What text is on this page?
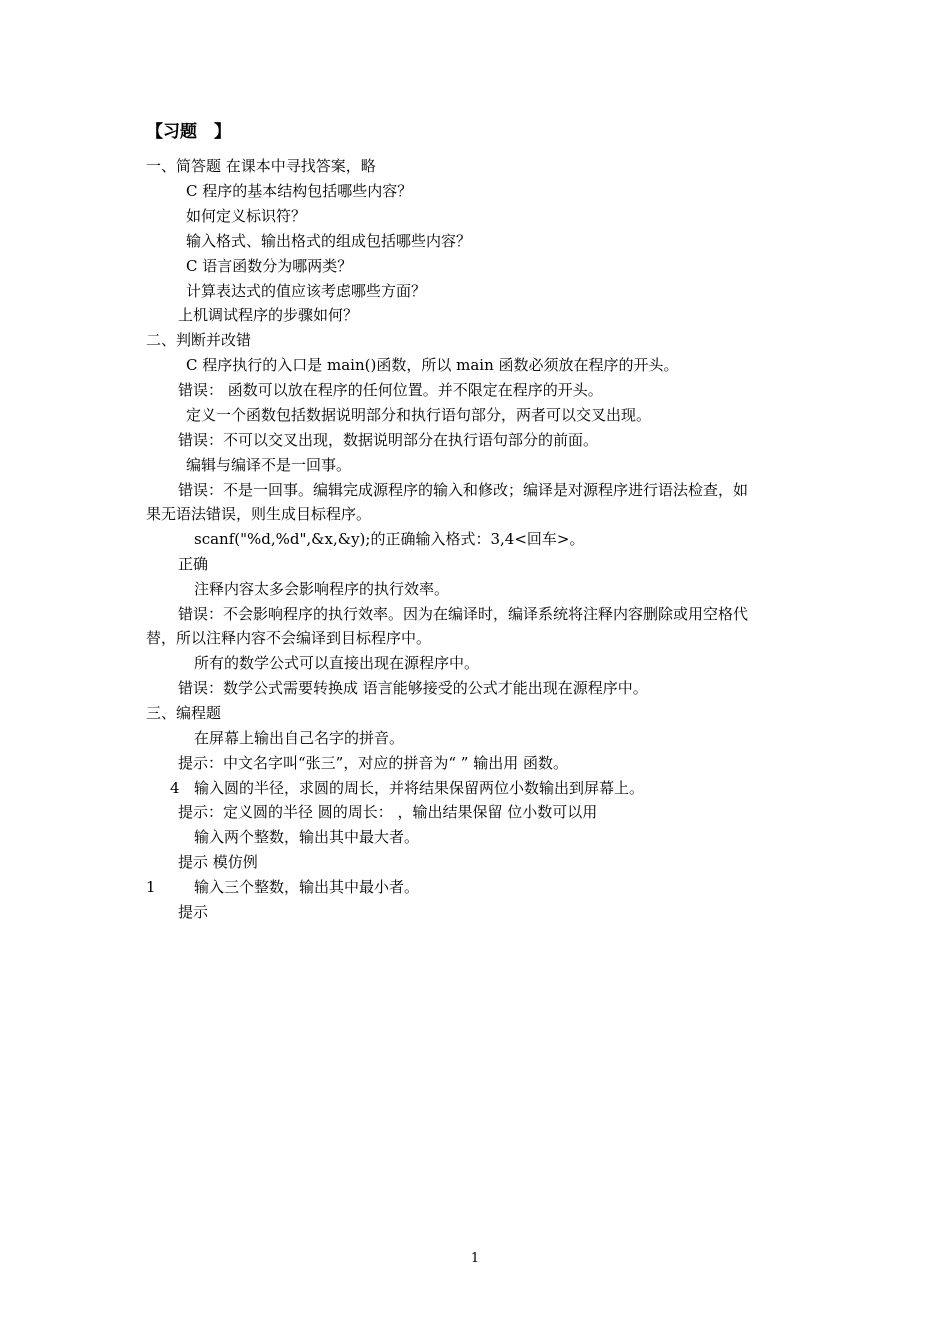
【习题　】
一、简答题 在课本中寻找答案，略
C 程序的基本结构包括哪些内容？
如何定义标识符？
输入格式、输出格式的组成包括哪些内容？
C 语言函数分为哪两类？
计算表达式的值应该考虑哪些方面？
上机调试程序的步骤如何？
二、判断并改错
C 程序执行的入口是 main()函数，所以 main 函数必须放在程序的开头。
错误： 函数可以放在程序的任何位置。并不限定在程序的开头。
定义一个函数包括数据说明部分和执行语句部分，两者可以交叉出现。
错误：不可以交叉出现，数据说明部分在执行语句部分的前面。
编辑与编译不是一回事。
错误：不是一回事。编辑完成源程序的输入和修改；编译是对源程序进行语法检查，如
果无语法错误，则生成目标程序。
scanf("%d,%d",&x,&y);的正确输入格式：3,4<回车>。
正确
注释内容太多会影响程序的执行效率。
错误：不会影响程序的执行效率。因为在编译时，编译系统将注释内容删除或用空格代
替，所以注释内容不会编译到目标程序中。
所有的数学公式可以直接出现在源程序中。
错误：数学公式需要转换成 语言能够接受的公式才能出现在源程序中。
三、编程题
在屏幕上输出自己名字的拼音。
提示：中文名字叫“张三”，对应的拼音为“ ” 输出用 函数。
4 输入圆的半径，求圆的周长，并将结果保留两位小数输出到屏幕上。
提示：定义圆的半径 圆的周长： ，输出结果保留 位小数可以用
输入两个整数，输出其中最大者。
提示 模仿例
1	输入三个整数，输出其中最小者。
提示
1
